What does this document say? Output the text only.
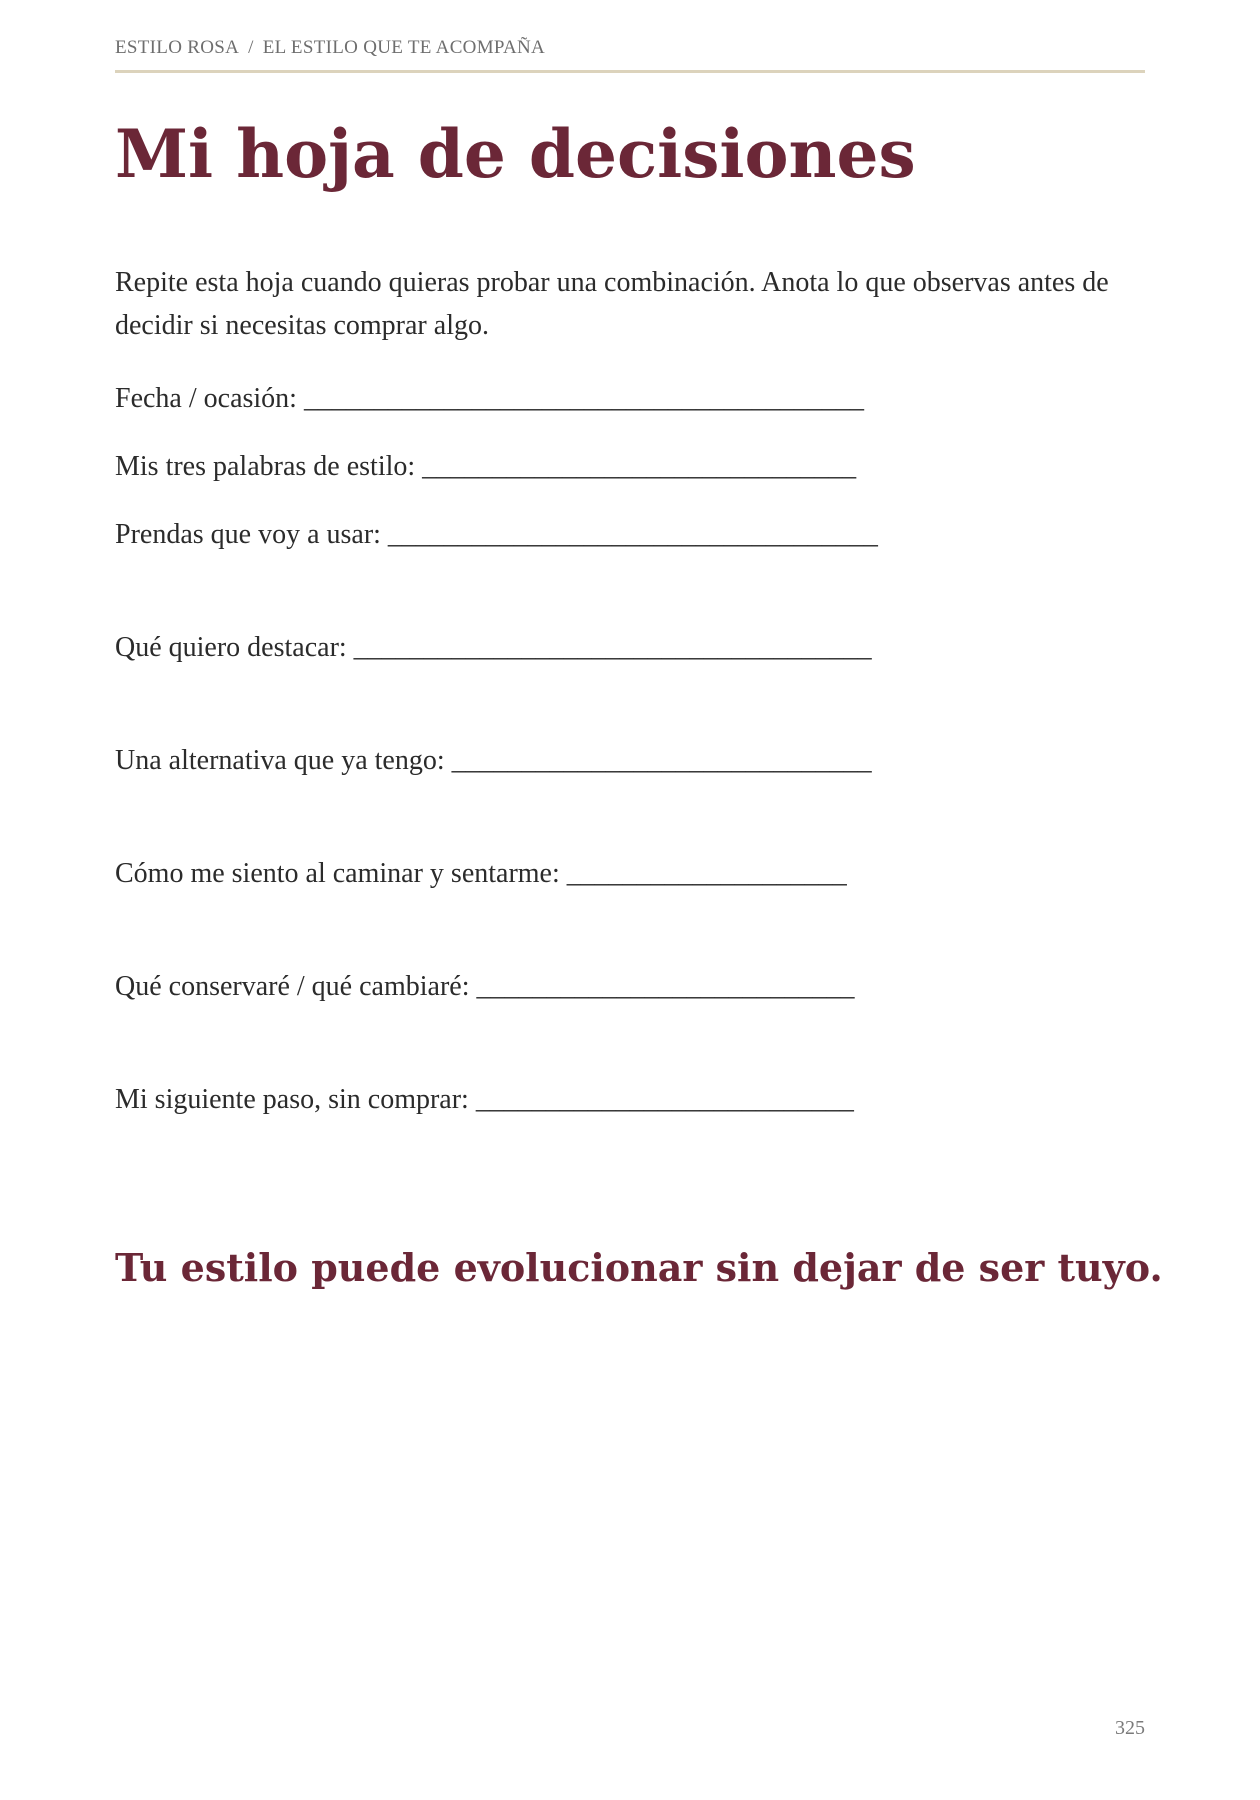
ESTILO ROSA / EL ESTILO QUE TE ACOMPAÑA
Mi hoja de decisiones

Repite esta hoja cuando quieras probar una combinación. Anota lo que observas antes de decidir si necesitas comprar algo.

Fecha / ocasión: ________________________________________

Mis tres palabras de estilo: _______________________________

Prendas que voy a usar: ___________________________________

Qué quiero destacar: _____________________________________

Una alternativa que ya tengo: ______________________________

Cómo me siento al caminar y sentarme: ____________________

Qué conservaré / qué cambiaré: ___________________________

Mi siguiente paso, sin comprar: ___________________________

Tu estilo puede evolucionar sin dejar de ser tuyo.

325
